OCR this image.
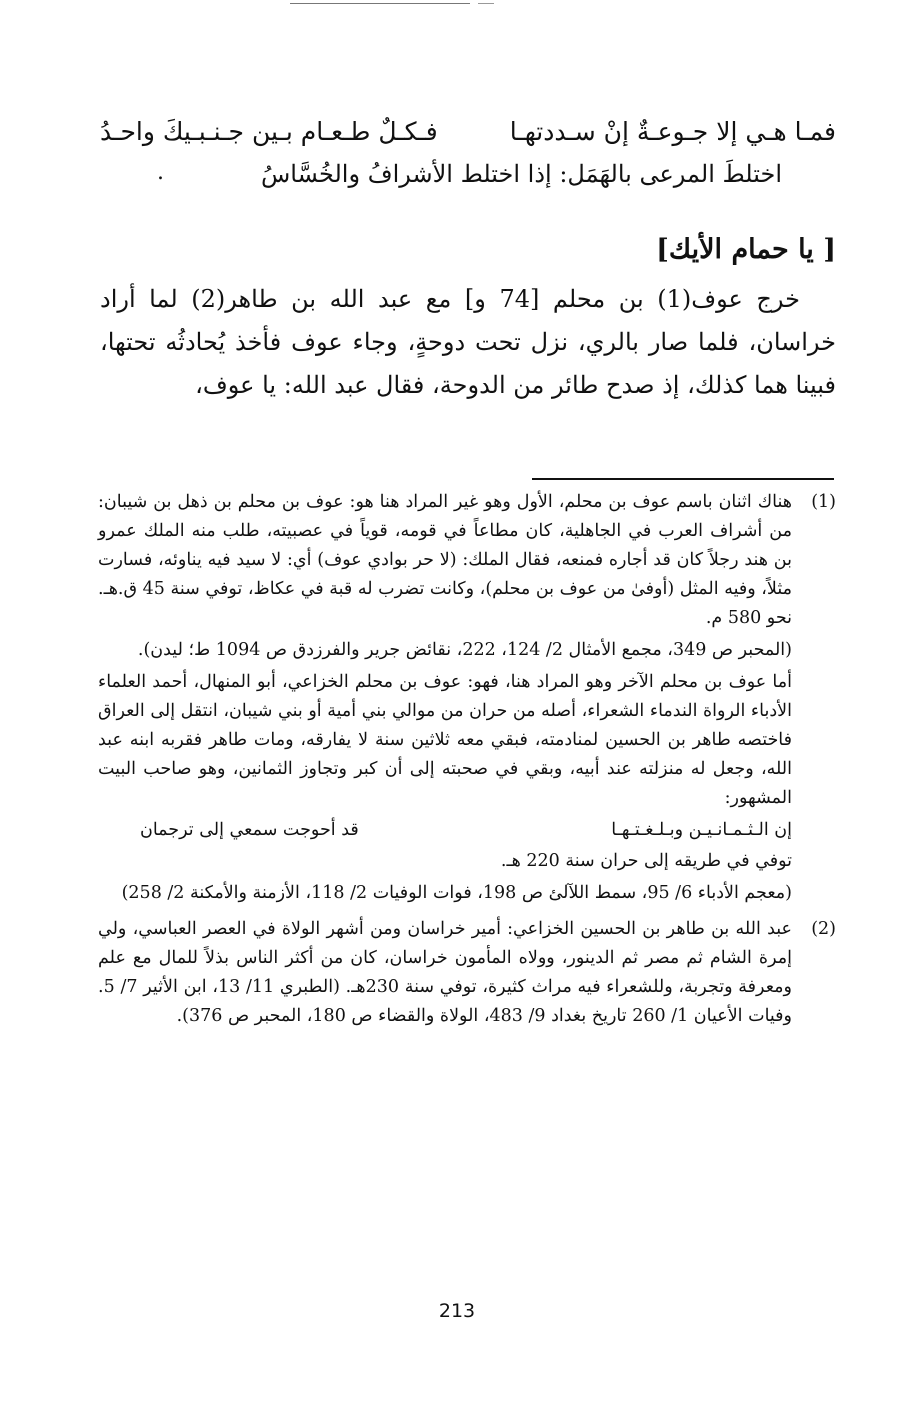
فمـا هـي إلا جـوعـةٌ إنْ سـددتهـا
فـكـلٌ طـعـام بـين جـنـبـيكَ واحـدُ
اختلطَ المرعى بالهَمَل: إذا اختلط الأشرافُ والخُسَّاسُ
.
[ يا حمام الأيك]

خرج عوف(1) بن محلم [74 و] مع عبد الله بن طاهر(2) لما أراد خراسان، فلما صار بالري، نزل تحت دوحةٍ، وجاء عوف فأخذ يُحادثُه تحتها، فبينا هما كذلك، إذ صدح طائر من الدوحة، فقال عبد الله: يا عوف،

(1)

هناك اثنان باسم عوف بن محلم، الأول وهو غير المراد هنا هو: عوف بن محلم بن ذهل بن شيبان: من أشراف العرب في الجاهلية، كان مطاعاً في قومه، قوياً في عصبيته، طلب منه الملك عمرو بن هند رجلاً كان قد أجاره فمنعه، فقال الملك: (لا حر بوادي عوف) أي: لا سيد فيه يناوئه، فسارت مثلاً، وفيه المثل (أوفىٰ من عوف بن محلم)، وكانت تضرب له قبة في عكاظ، توفي سنة 45 ق.هـ. نحو 580 م.

(المحبر ص 349، مجمع الأمثال 2/ 124، 222، نقائض جرير والفرزدق ص 1094 ط؛ ليدن).

أما عوف بن محلم الآخر وهو المراد هنا، فهو: عوف بن محلم الخزاعي، أبو المنهال، أحمد العلماء الأدباء الرواة الندماء الشعراء، أصله من حران من موالي بني أمية أو بني شيبان، انتقل إلى العراق فاختصه طاهر بن الحسين لمنادمته، فبقي معه ثلاثين سنة لا يفارقه، ومات طاهر فقربه ابنه عبد الله، وجعل له منزلته عند أبيه، وبقي في صحبته إلى أن كبر وتجاوز الثمانين، وهو صاحب البيت المشهور:

إن الـثـمـانـيـن وبـلـغـتـهـا
قد أحوجت سمعي إلى ترجمان

توفي في طريقه إلى حران سنة 220 هـ.

(معجم الأدباء 6/ 95، سمط اللآلئ ص 198، فوات الوفيات 2/ 118، الأزمنة والأمكنة 2/ 258)

(2)

عبد الله بن طاهر بن الحسين الخزاعي: أمير خراسان ومن أشهر الولاة في العصر العباسي، ولي إمرة الشام ثم مصر ثم الدينور، وولاه المأمون خراسان، كان من أكثر الناس بذلاً للمال مع علم ومعرفة وتجربة، وللشعراء فيه مراث كثيرة، توفي سنة 230هـ. (الطبري 11/ 13، ابن الأثير 7/ 5. وفيات الأعيان 1/ 260 تاريخ بغداد 9/ 483، الولاة والقضاء ص 180، المحبر ص 376).

213
